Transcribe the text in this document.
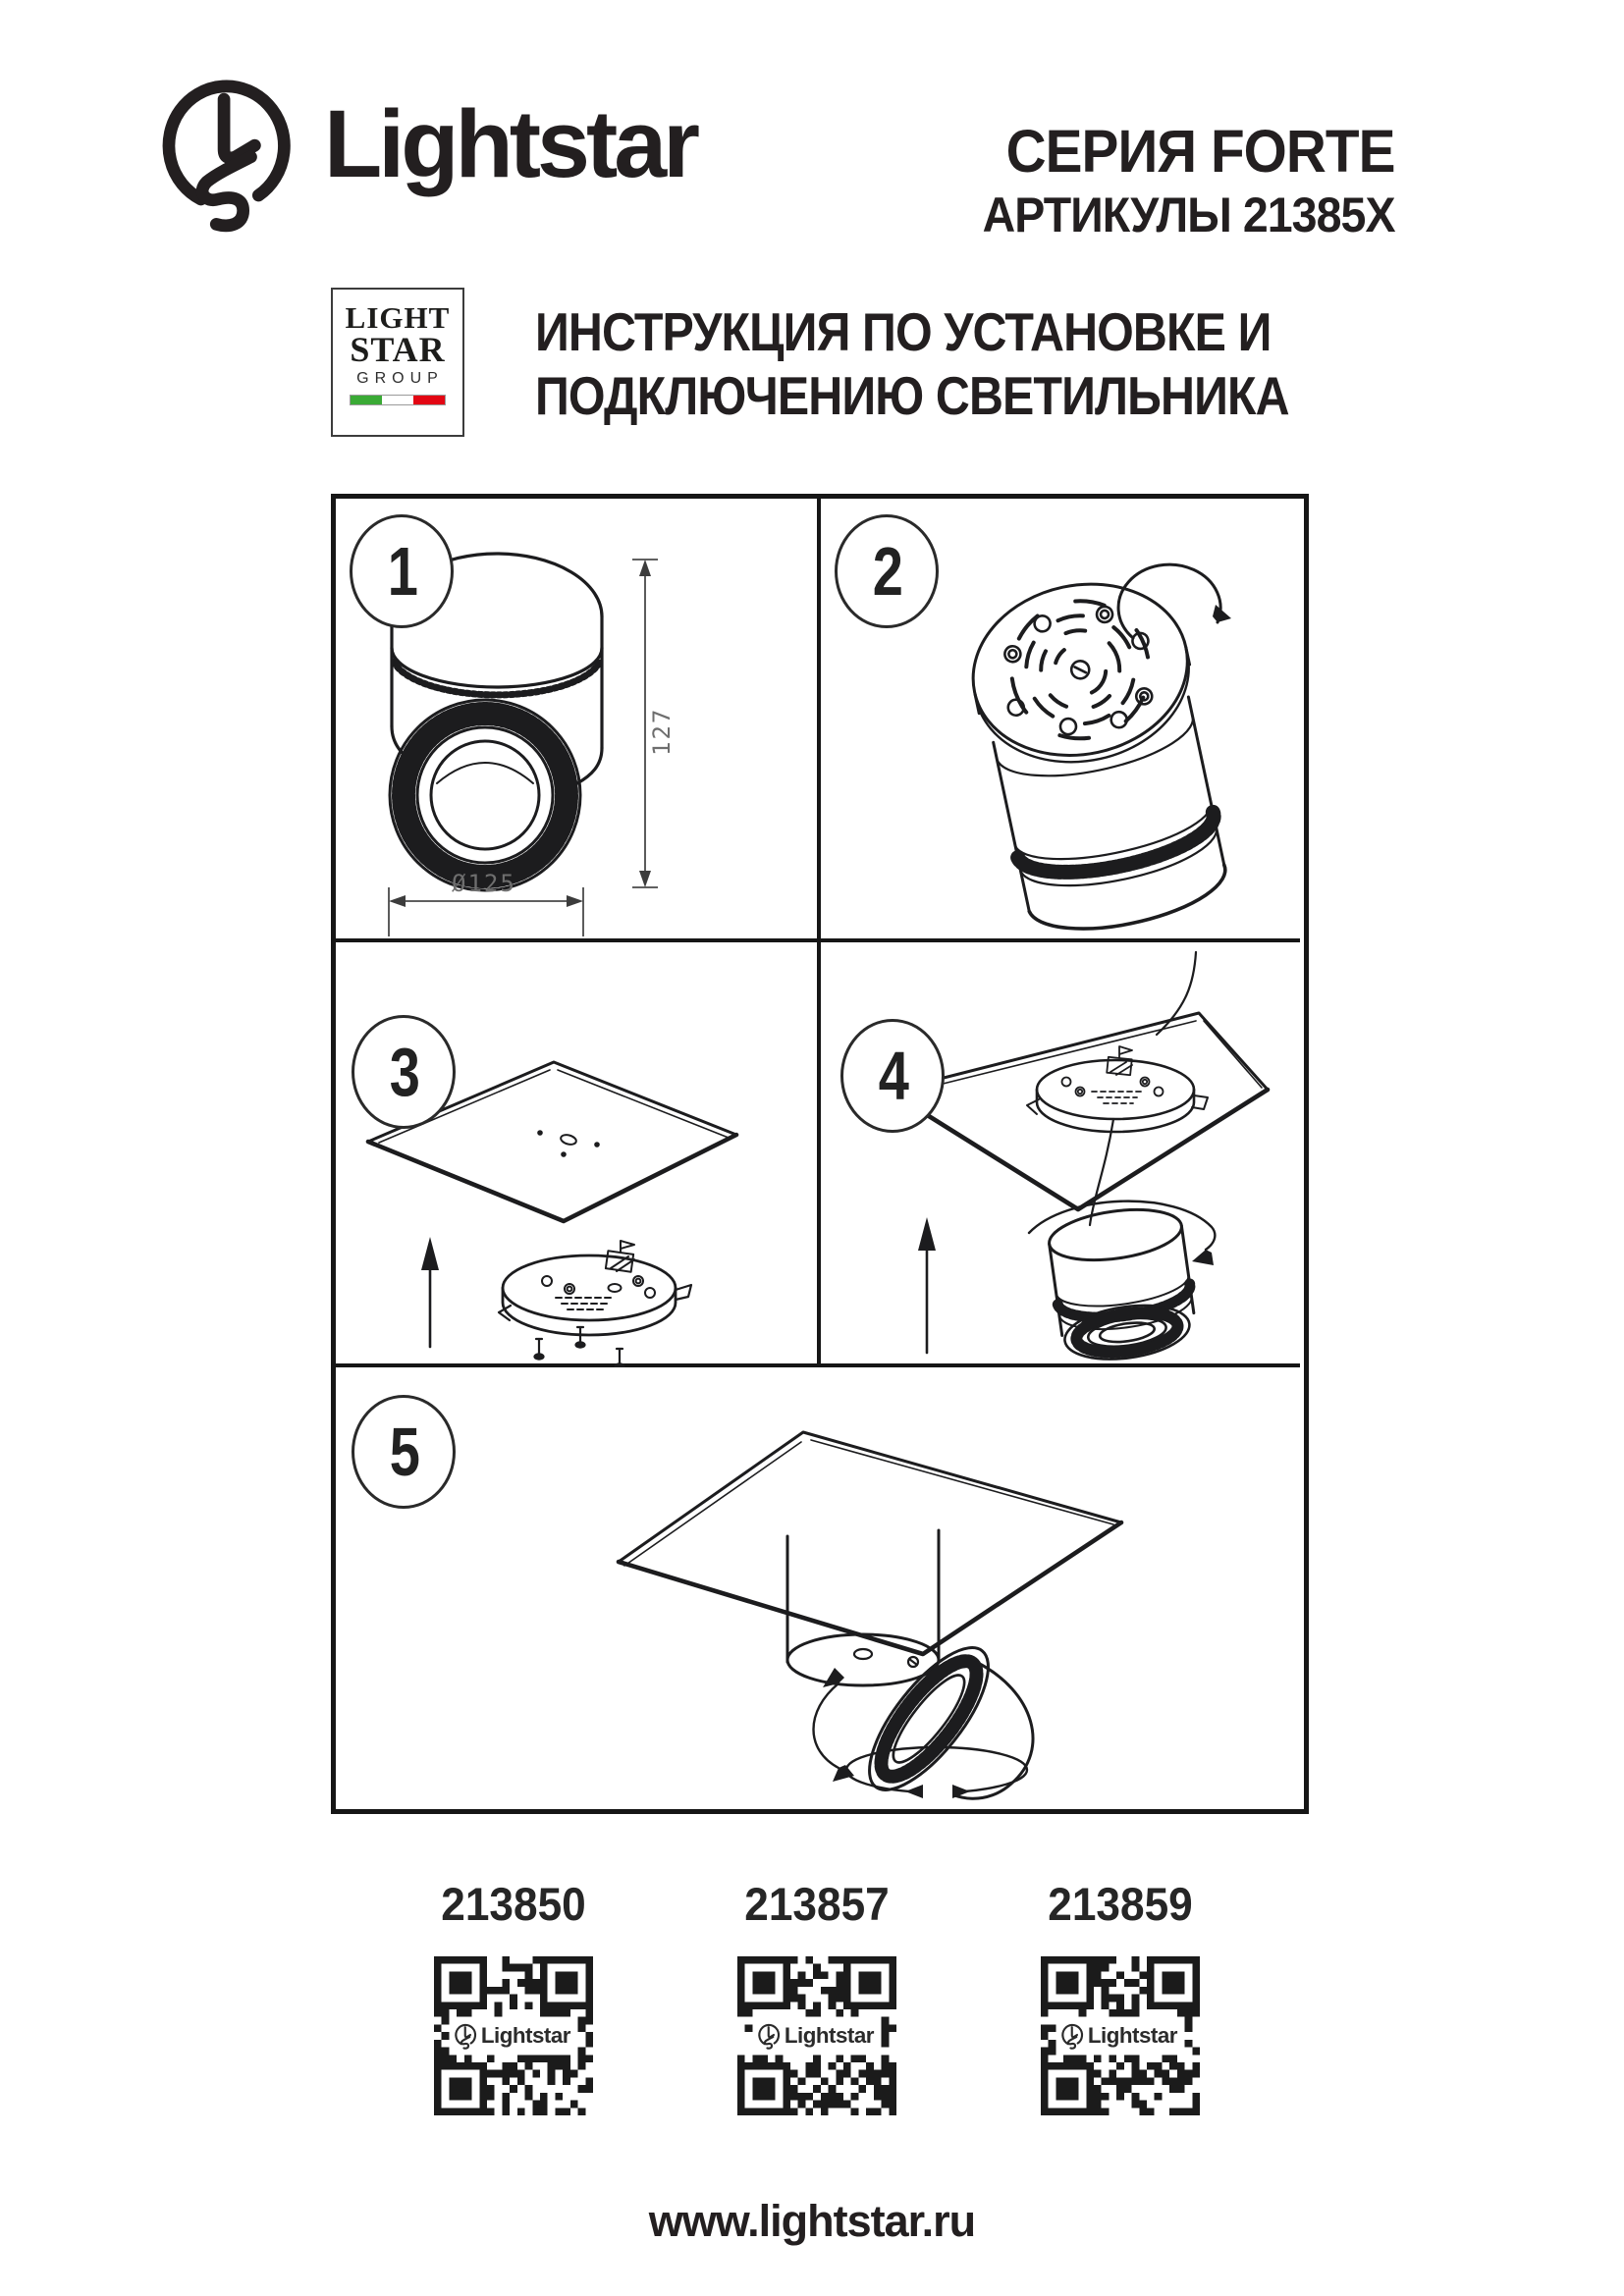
Lightstar	СЕРИЯ FORTE
АРТИКУЛЫ 21385X
LIGHT
STAR
GROUP
ИНСТРУКЦИЯ ПО УСТАНОВКЕ И
ПОДКЛЮЧЕНИЮ СВЕТИЛЬНИКА
1
127
Ø125
2
3	4
5
213850
Lightstar
213857
Lightstar
213859
Lightstar
www.lightstar.ru
